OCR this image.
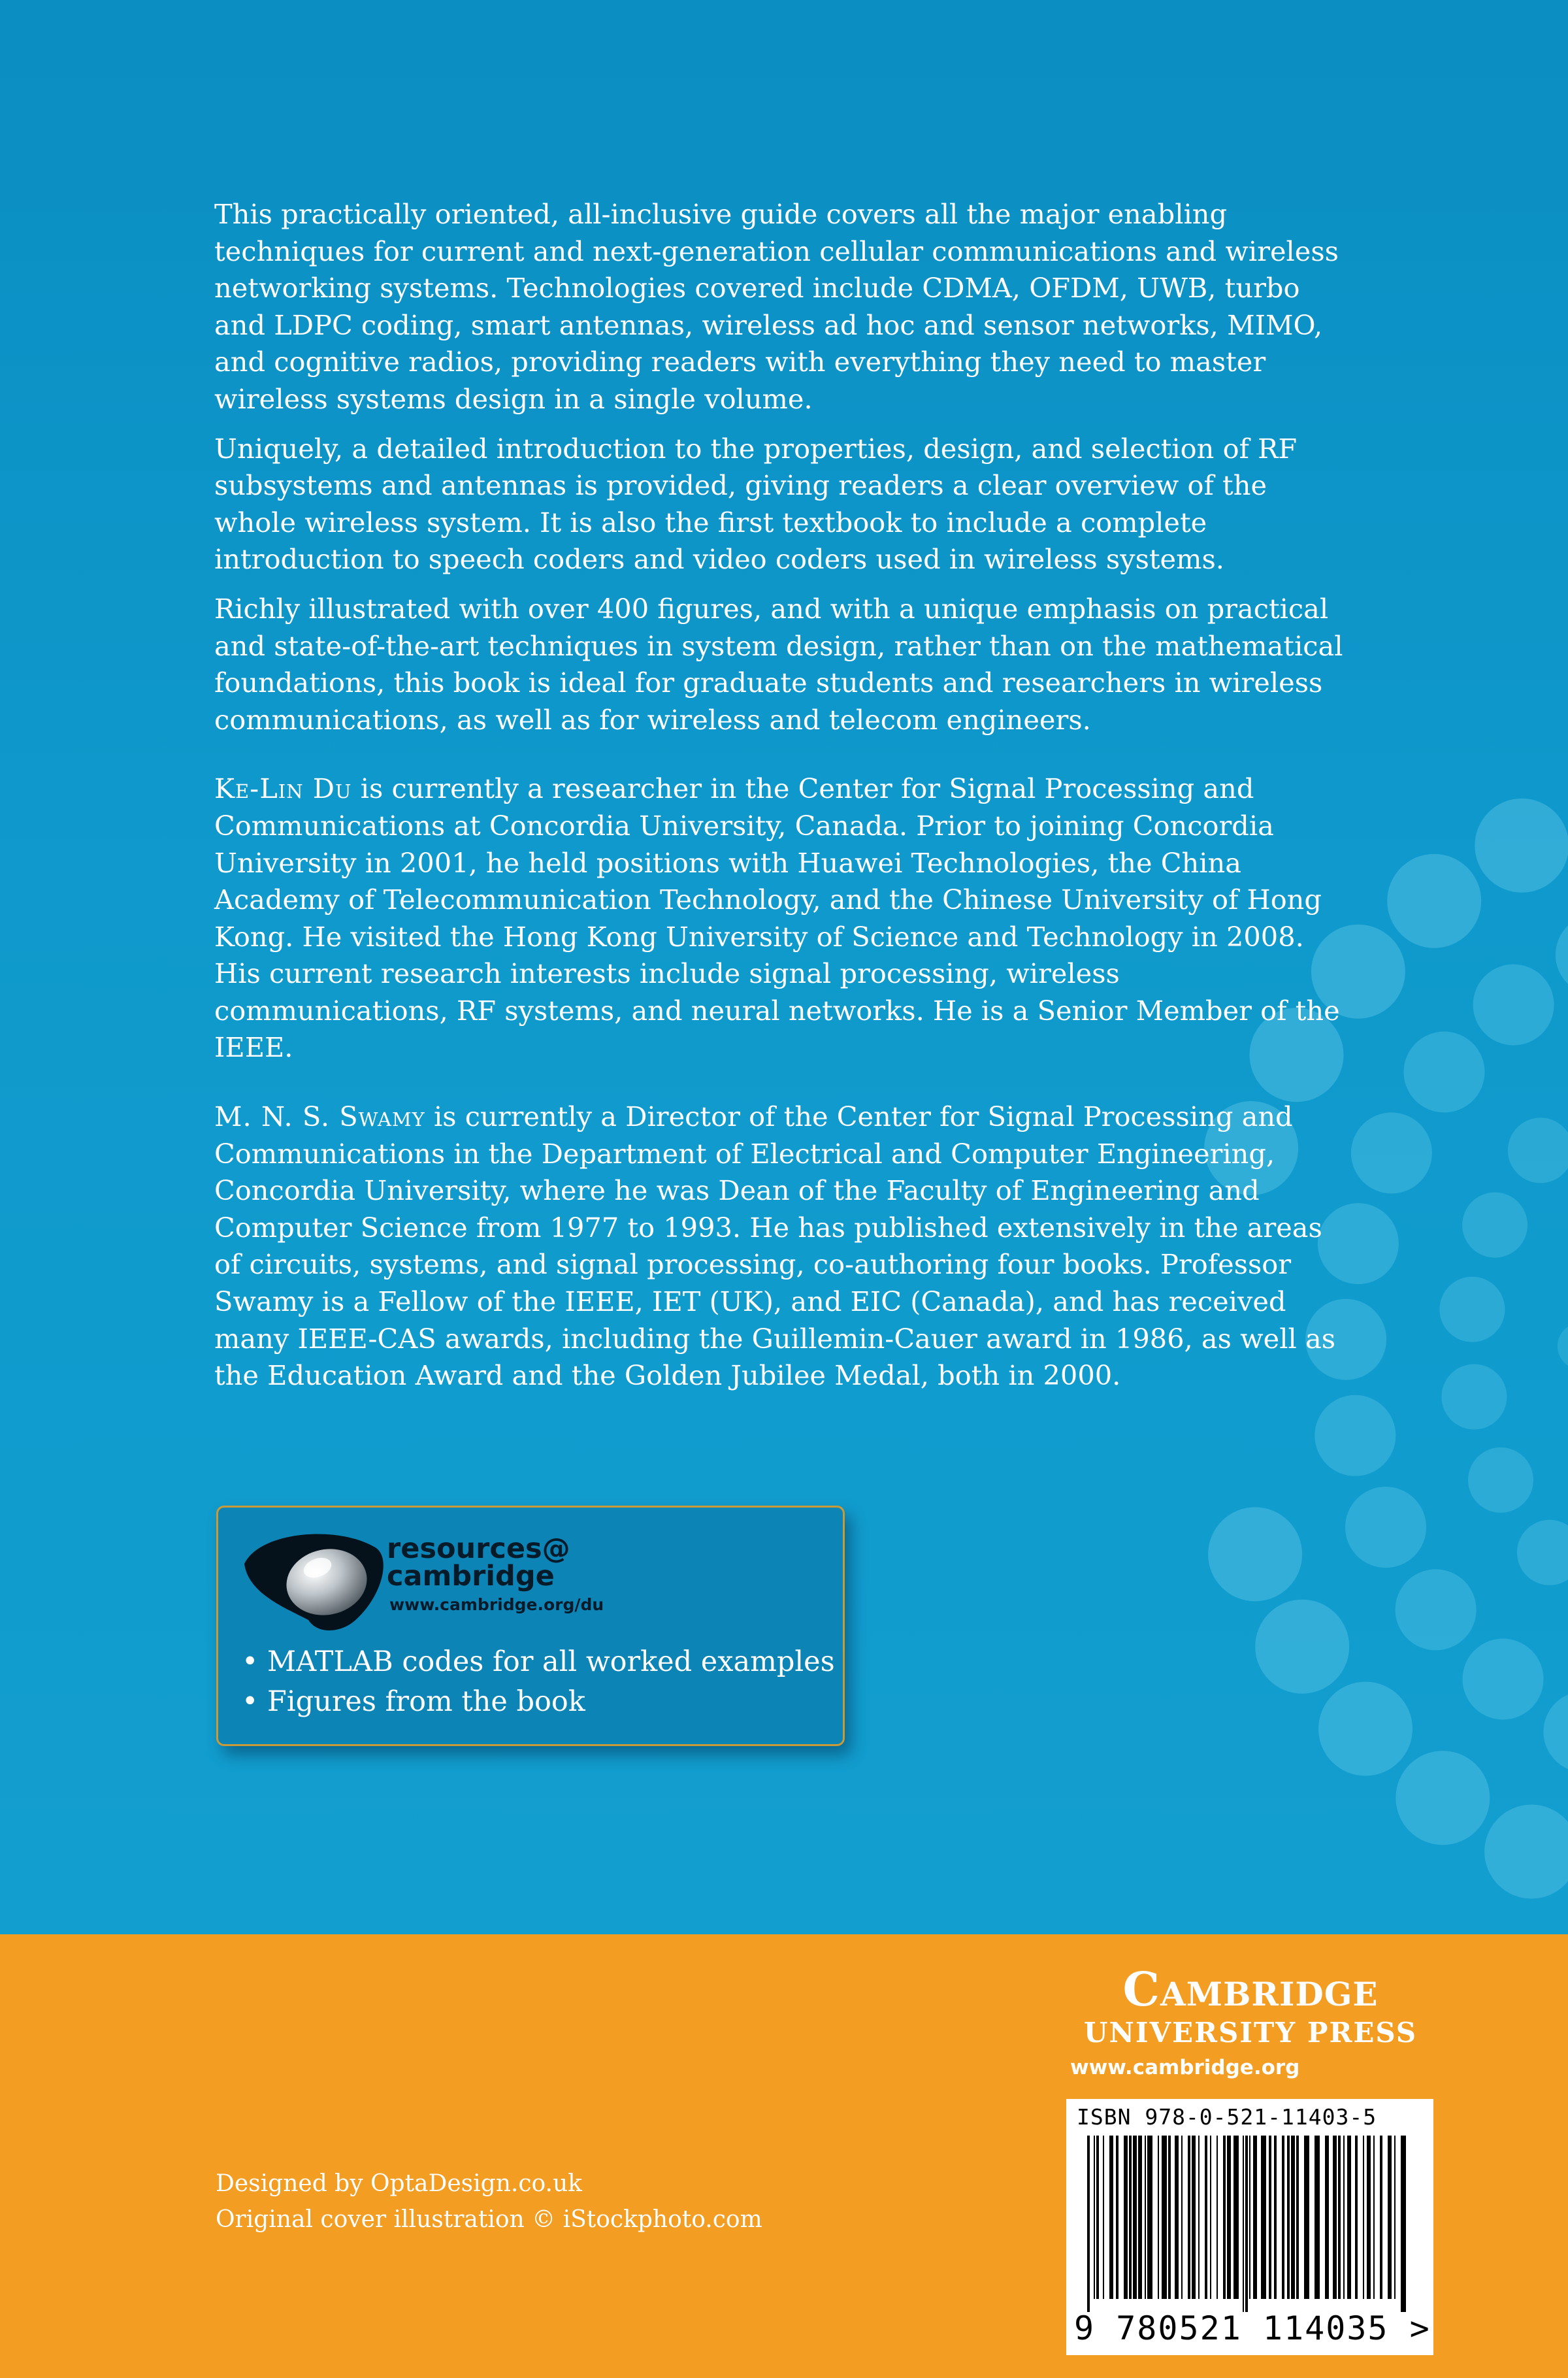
This practically oriented, all-inclusive guide covers all the major enabling techniques for current and next-generation cellular communications and wireless networking systems. Technologies covered include CDMA, OFDM, UWB, turbo and LDPC coding, smart antennas, wireless ad hoc and sensor networks, MIMO, and cognitive radios, providing readers with everything they need to master wireless systems design in a single volume.

Uniquely, a detailed introduction to the properties, design, and selection of RF subsystems and antennas is provided, giving readers a clear overview of the whole wireless system. It is also the first textbook to include a complete introduction to speech coders and video coders used in wireless systems.

Richly illustrated with over 400 figures, and with a unique emphasis on practical and state-of-the-art techniques in system design, rather than on the mathematical foundations, this book is ideal for graduate students and researchers in wireless communications, as well as for wireless and telecom engineers.

Ke-Lin Du is currently a researcher in the Center for Signal Processing and Communications at Concordia University, Canada. Prior to joining Concordia University in 2001, he held positions with Huawei Technologies, the China Academy of Telecommunication Technology, and the Chinese University of Hong Kong. He visited the Hong Kong University of Science and Technology in 2008. His current research interests include signal processing, wireless communications, RF systems, and neural networks. He is a Senior Member of the IEEE.

M. N. S. Swamy is currently a Director of the Center for Signal Processing and Communications in the Department of Electrical and Computer Engineering, Concordia University, where he was Dean of the Faculty of Engineering and Computer Science from 1977 to 1993. He has published extensively in the areas of circuits, systems, and signal processing, co-authoring four books. Professor Swamy is a Fellow of the IEEE, IET (UK), and EIC (Canada), and has received many IEEE-CAS awards, including the Guillemin-Cauer award in 1986, as well as the Education Award and the Golden Jubilee Medal, both in 2000.

resources@
cambridge
www.cambridge.org/du
• MATLAB codes for all worked examples
• Figures from the book
Designed by OptaDesign.co.uk
Original cover illustration © iStockphoto.com
Cambridge
UNIVERSITY PRESS
www.cambridge.org
ISBN 978-0-521-11403-5
9 780521 114035 >
